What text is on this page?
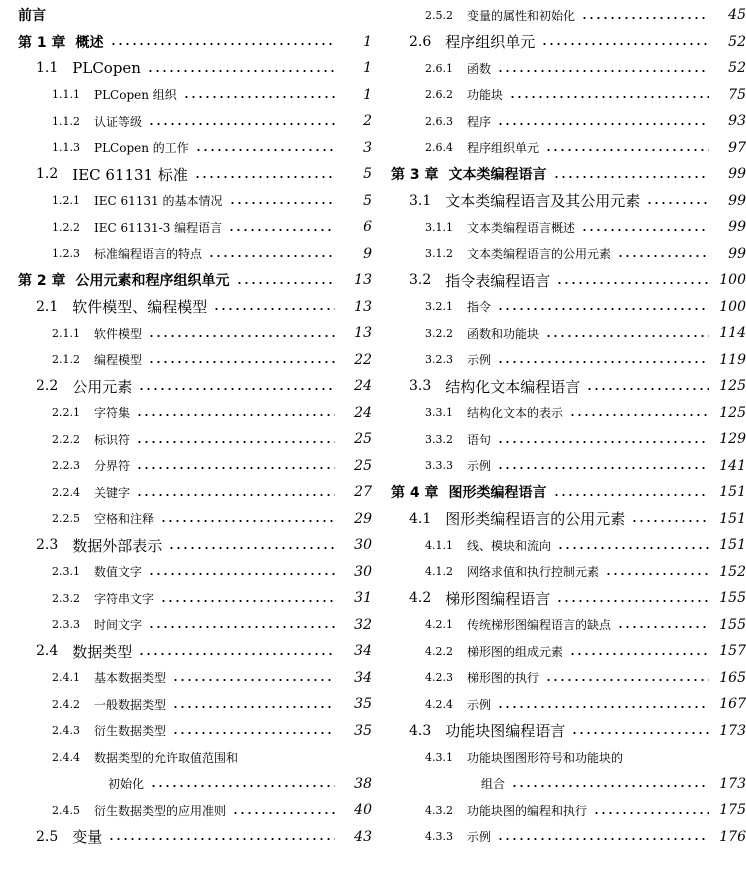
前言
第 1 章 概述	1
1.1 PLCopen	1
1.1.1 PLCopen 组织	1
1.1.2 认证等级	2
1.1.3 PLCopen 的工作	3
1.2 IEC 61131 标准	5
1.2.1 IEC 61131 的基本情况	5
1.2.2 IEC 61131-3 编程语言	6
1.2.3 标准编程语言的特点	9
第 2 章 公用元素和程序组织单元	13
2.1 软件模型、编程模型	13
2.1.1 软件模型	13
2.1.2 编程模型	22
2.2 公用元素	24
2.2.1 字符集	24
2.2.2 标识符	25
2.2.3 分界符	25
2.2.4 关键字	27
2.2.5 空格和注释	29
2.3 数据外部表示	30
2.3.1 数值文字	30
2.3.2 字符串文字	31
2.3.3 时间文字	32
2.4 数据类型	34
2.4.1 基本数据类型	34
2.4.2 一般数据类型	35
2.4.3 衍生数据类型	35
2.4.4 数据类型的允许取值范围和
初始化	38
2.4.5 衍生数据类型的应用准则	40
2.5 变量	43
2.5.2 变量的属性和初始化	45
2.6 程序组织单元	52
2.6.1 函数	52
2.6.2 功能块	75
2.6.3 程序	93
2.6.4 程序组织单元	97
第 3 章 文本类编程语言	99
3.1 文本类编程语言及其公用元素	99
3.1.1 文本类编程语言概述	99
3.1.2 文本类编程语言的公用元素	99
3.2 指令表编程语言	100
3.2.1 指令	100
3.2.2 函数和功能块	114
3.2.3 示例	119
3.3 结构化文本编程语言	125
3.3.1 结构化文本的表示	125
3.3.2 语句	129
3.3.3 示例	141
第 4 章 图形类编程语言	151
4.1 图形类编程语言的公用元素	151
4.1.1 线、模块和流向	151
4.1.2 网络求值和执行控制元素	152
4.2 梯形图编程语言	155
4.2.1 传统梯形图编程语言的缺点	155
4.2.2 梯形图的组成元素	157
4.2.3 梯形图的执行	165
4.2.4 示例	167
4.3 功能块图编程语言	173
4.3.1 功能块图图形符号和功能块的
组合	173
4.3.2 功能块图的编程和执行	175
4.3.3 示例	176
